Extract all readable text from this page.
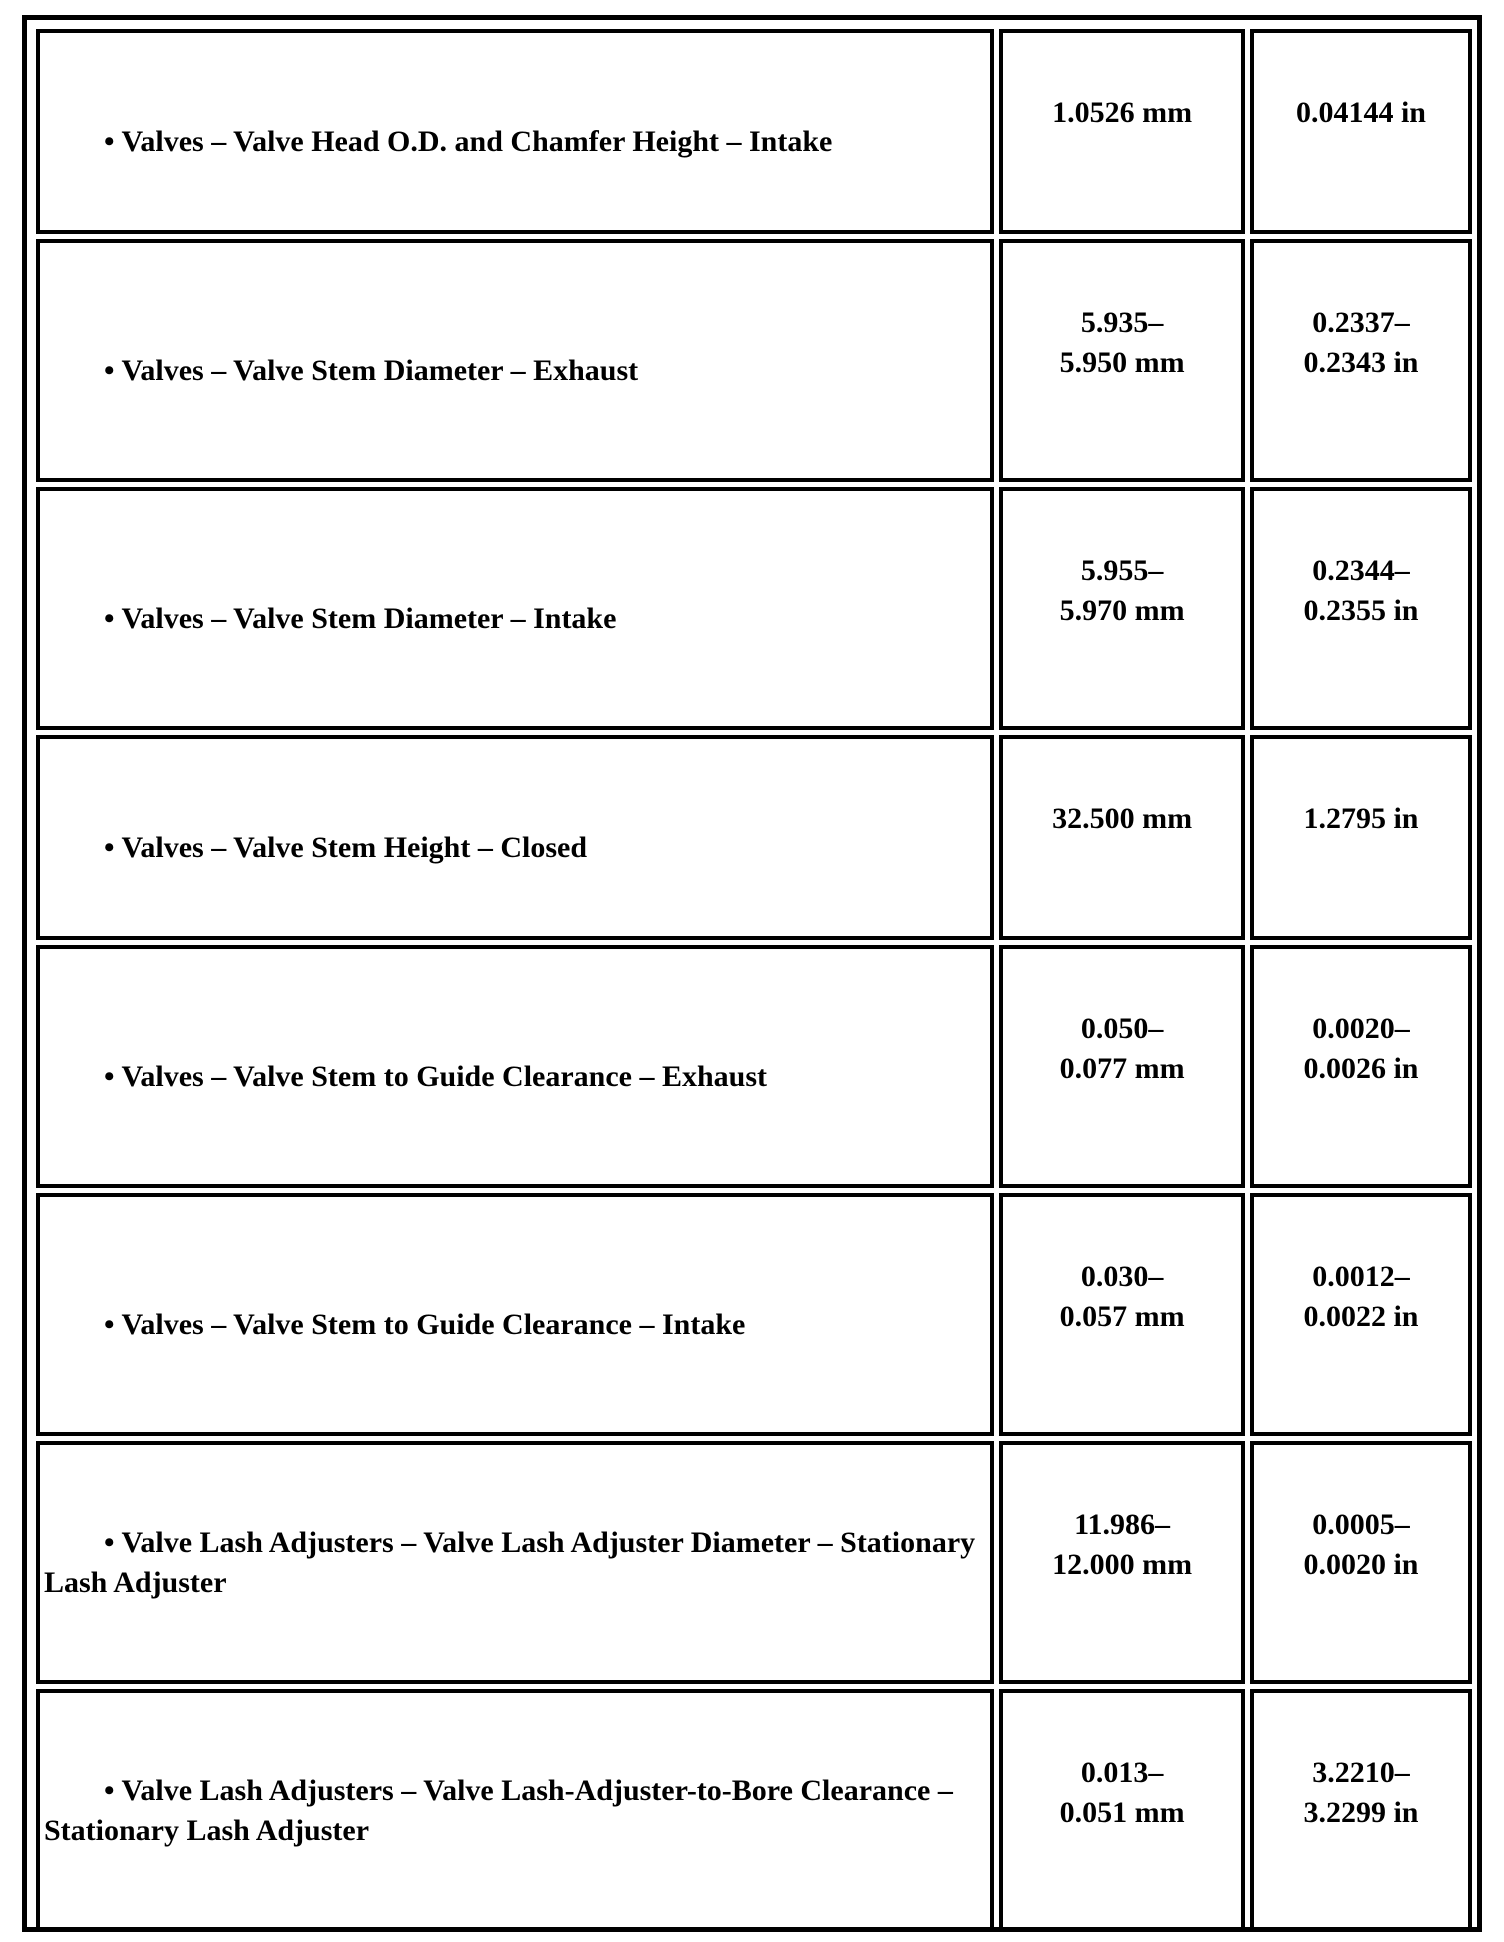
• Valves – Valve Head O.D. and Chamfer Height – Intake	1.0526 mm	0.04144 in

• Valves – Valve Stem Diameter – Exhaust	5.935–
5.950 mm	0.2337–
0.2343 in

• Valves – Valve Stem Diameter – Intake	5.955–
5.970 mm	0.2344–
0.2355 in

• Valves – Valve Stem Height – Closed	32.500 mm	1.2795 in

• Valves – Valve Stem to Guide Clearance – Exhaust	0.050–
0.077 mm	0.0020–
0.0026 in

• Valves – Valve Stem to Guide Clearance – Intake	0.030–
0.057 mm	0.0012–
0.0022 in

• Valve Lash Adjusters – Valve Lash Adjuster Diameter – Stationary Lash Adjuster	11.986–
12.000 mm	0.0005–
0.0020 in

• Valve Lash Adjusters – Valve Lash-Adjuster-to-Bore Clearance – Stationary Lash Adjuster	0.013–
0.051 mm	3.2210–
3.2299 in
